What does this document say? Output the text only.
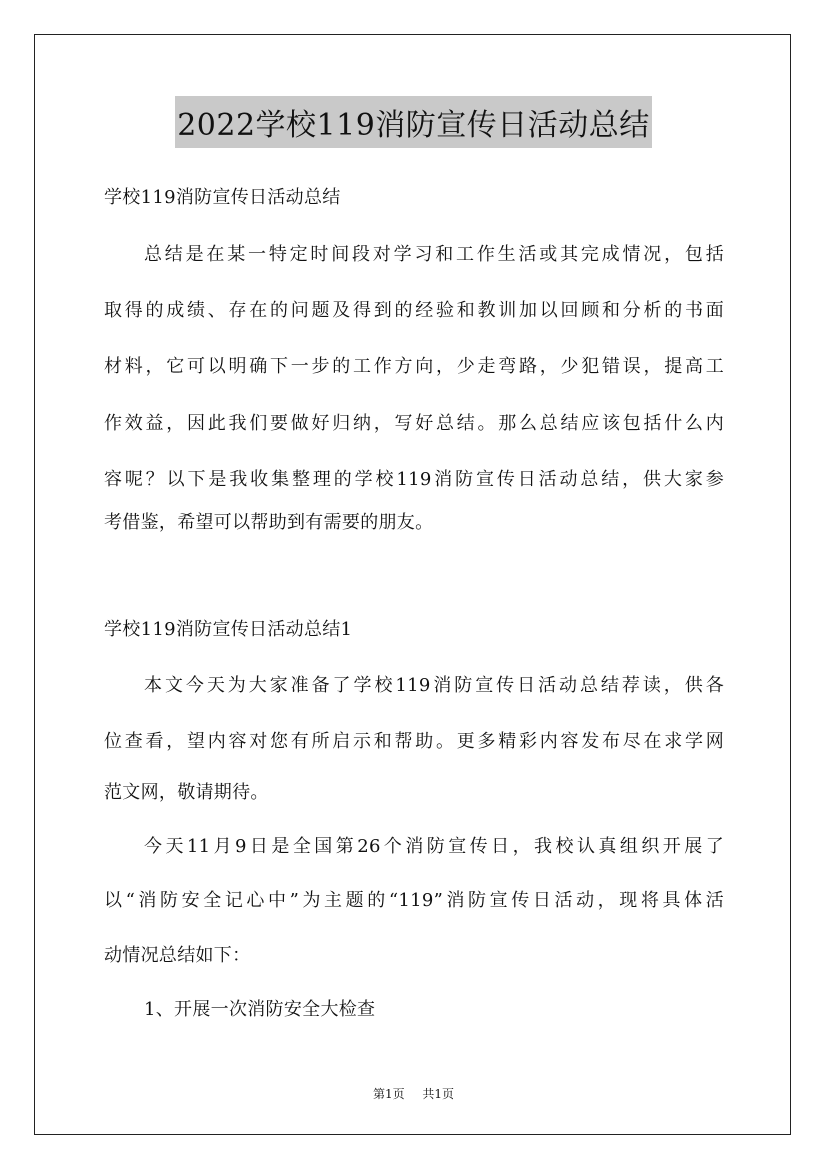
2022学校119消防宣传日活动总结
学校119消防宣传日活动总结
总结是在某一特定时间段对学习和工作生活或其完成情况，包括
取得的成绩、存在的问题及得到的经验和教训加以回顾和分析的书面
材料，它可以明确下一步的工作方向，少走弯路，少犯错误，提高工
作效益，因此我们要做好归纳，写好总结。那么总结应该包括什么内
容呢？以下是我收集整理的学校119消防宣传日活动总结，供大家参
考借鉴，希望可以帮助到有需要的朋友。
学校119消防宣传日活动总结1
本文今天为大家准备了学校119消防宣传日活动总结荐读，供各
位查看，望内容对您有所启示和帮助。更多精彩内容发布尽在求学网
范文网，敬请期待。
今天11月9日是全国第26个消防宣传日，我校认真组织开展了
以“消防安全记心中”为主题的“119”消防宣传日活动，现将具体活
动情况总结如下：
1、开展一次消防安全大检查
第1页 共1页
